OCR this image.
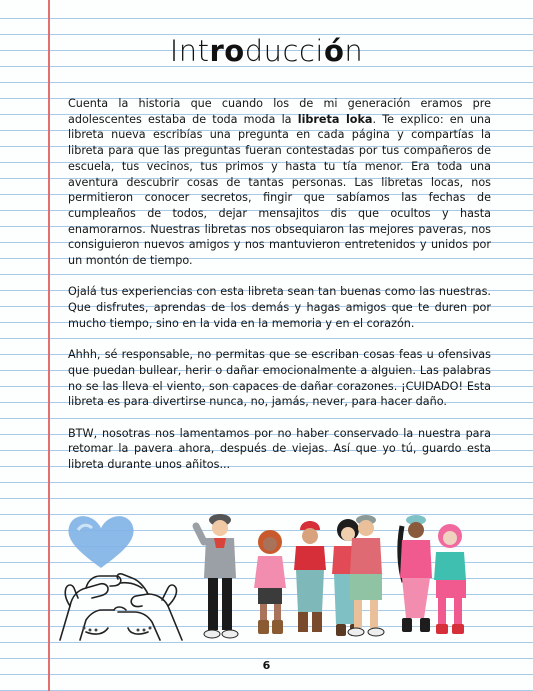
Introducción

Cuenta la historia que cuando los de mi generación eramos pre adolescentes estaba de toda moda la libreta loka. Te explico: en una libreta nueva escribías una pregunta en cada página y compartías la libreta para que las preguntas fueran contestadas por tus compañeros de escuela, tus vecinos, tus primos y hasta tu tía menor. Era toda una aventura descubrir cosas de tantas personas. Las libretas locas, nos permitieron conocer secretos, fingir que sabíamos las fechas de cumpleaños de todos, dejar mensajitos dis que ocultos y hasta enamorarnos. Nuestras libretas nos obsequiaron las mejores paveras, nos consiguieron nuevos amigos y nos mantuvieron entretenidos y unidos por un montón de tiempo.

Ojalá tus experiencias con esta libreta sean tan buenas como las nuestras. Que disfrutes, aprendas de los demás y hagas amigos que te duren por mucho tiempo, sino en la vida en la memoria y en el corazón.

Ahhh, sé responsable, no permitas que se escriban cosas feas u ofensivas que puedan bullear, herir o dañar emocionalmente a alguien. Las palabras no se las lleva el viento, son capaces de dañar corazones. ¡CUIDADO! Esta libreta es para divertirse nunca, no, jamás, never, para hacer daño.

BTW, nosotras nos lamentamos por no haber conservado la nuestra para retomar la pavera ahora, después de viejas. Así que yo tú, guardo esta libreta durante unos añitos...

6
